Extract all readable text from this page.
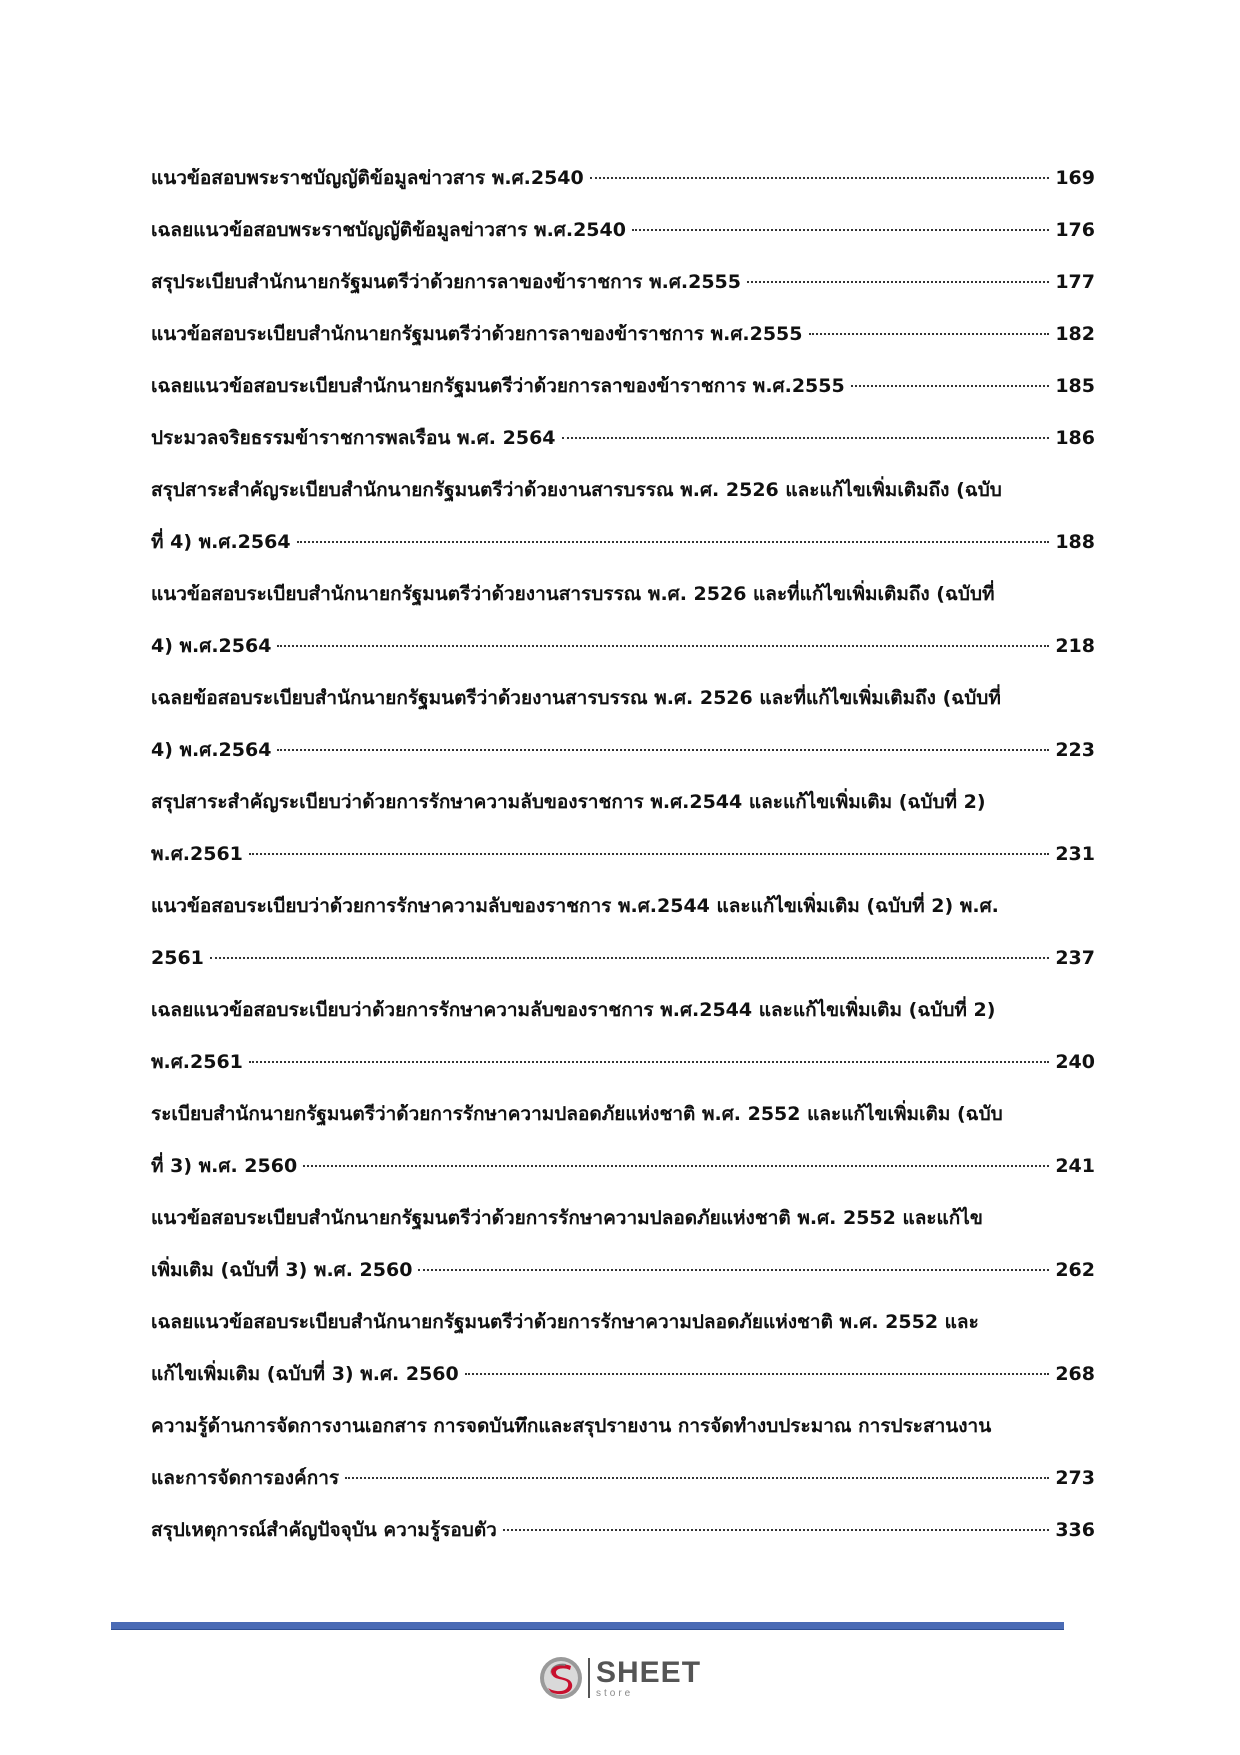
แนวข้อสอบพระราชบัญญัติข้อมูลข่าวสาร พ.ศ.2540	169
เฉลยแนวข้อสอบพระราชบัญญัติข้อมูลข่าวสาร พ.ศ.2540	176
สรุประเบียบสำนักนายกรัฐมนตรีว่าด้วยการลาของข้าราชการ พ.ศ.2555	177
แนวข้อสอบระเบียบสำนักนายกรัฐมนตรีว่าด้วยการลาของข้าราชการ พ.ศ.2555	182
เฉลยแนวข้อสอบระเบียบสำนักนายกรัฐมนตรีว่าด้วยการลาของข้าราชการ พ.ศ.2555	185
ประมวลจริยธรรมข้าราชการพลเรือน พ.ศ. 2564	186
สรุปสาระสำคัญระเบียบสำนักนายกรัฐมนตรีว่าด้วยงานสารบรรณ พ.ศ. 2526 และแก้ไขเพิ่มเติมถึง (ฉบับ
ที่ 4) พ.ศ.2564	188
แนวข้อสอบระเบียบสำนักนายกรัฐมนตรีว่าด้วยงานสารบรรณ พ.ศ. 2526 และที่แก้ไขเพิ่มเติมถึง (ฉบับที่
4) พ.ศ.2564	218
เฉลยข้อสอบระเบียบสำนักนายกรัฐมนตรีว่าด้วยงานสารบรรณ พ.ศ. 2526 และที่แก้ไขเพิ่มเติมถึง (ฉบับที่
4) พ.ศ.2564	223
สรุปสาระสำคัญระเบียบว่าด้วยการรักษาความลับของราชการ พ.ศ.2544 และแก้ไขเพิ่มเติม (ฉบับที่ 2)
พ.ศ.2561	231
แนวข้อสอบระเบียบว่าด้วยการรักษาความลับของราชการ พ.ศ.2544 และแก้ไขเพิ่มเติม (ฉบับที่ 2) พ.ศ.
2561	237
เฉลยแนวข้อสอบระเบียบว่าด้วยการรักษาความลับของราชการ พ.ศ.2544 และแก้ไขเพิ่มเติม (ฉบับที่ 2)
พ.ศ.2561	240
ระเบียบสำนักนายกรัฐมนตรีว่าด้วยการรักษาความปลอดภัยแห่งชาติ พ.ศ. 2552 และแก้ไขเพิ่มเติม (ฉบับ
ที่ 3) พ.ศ. 2560	241
แนวข้อสอบระเบียบสำนักนายกรัฐมนตรีว่าด้วยการรักษาความปลอดภัยแห่งชาติ พ.ศ. 2552 และแก้ไข
เพิ่มเติม (ฉบับที่ 3) พ.ศ. 2560	262
เฉลยแนวข้อสอบระเบียบสำนักนายกรัฐมนตรีว่าด้วยการรักษาความปลอดภัยแห่งชาติ พ.ศ. 2552 และ
แก้ไขเพิ่มเติม (ฉบับที่ 3) พ.ศ. 2560	268
ความรู้ด้านการจัดการงานเอกสาร การจดบันทึกและสรุปรายงาน การจัดทำงบประมาณ การประสานงาน
และการจัดการองค์การ	273
สรุปเหตุการณ์สำคัญปัจจุบัน ความรู้รอบตัว	336
SHEET
store
